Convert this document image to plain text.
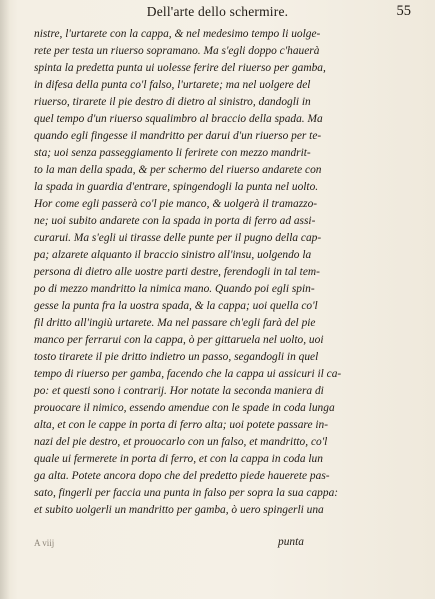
Dell'arte dello schermire.	55
nistre, l'urtarete con la cappa, & nel medesimo tempo li uolge-
rete per testa un riuerso sopramano. Ma s'egli doppo c'hauerà
spinta la predetta punta ui uolesse ferire del riuerso per gamba,
in difesa della punta co'l falso, l'urtarete; ma nel uolgere del
riuerso, tirarete il pie destro di dietro al sinistro, dandogli in
quel tempo d'un riuerso squalimbro al braccio della spada. Ma
quando egli fingesse il mandritto per darui d'un riuerso per te-
sta; uoi senza passeggiamento li ferirete con mezzo mandrit-
to la man della spada, & per schermo del riuerso andarete con
la spada in guardia d'entrare, spingendogli la punta nel uolto.
Hor come egli passerà co'l pie manco, & uolgerà il tramazzo-
ne; uoi subito andarete con la spada in porta di ferro ad assi-
curarui. Ma s'egli ui tirasse delle punte per il pugno della cap-
pa; alzarete alquanto il braccio sinistro all'insu, uolgendo la
persona di dietro alle uostre parti destre, ferendogli in tal tem-
po di mezzo mandritto la nimica mano. Quando poi egli spin-
gesse la punta fra la uostra spada, & la cappa; uoi quella co'l
fil dritto all'ingiù urtarete. Ma nel passare ch'egli farà del pie
manco per ferrarui con la cappa, ò per gittaruela nel uolto, uoi
tosto tirarete il pie dritto indietro un passo, segandogli in quel
tempo di riuerso per gamba, facendo che la cappa ui assicuri il ca-
po: et questi sono i contrarij. Hor notate la seconda maniera di
prouocare il nimico, essendo amendue con le spade in coda lunga
alta, et con le cappe in porta di ferro alta; uoi potete passare in-
nazi del pie destro, et prouocarlo con un falso, et mandritto, co'l
quale ui fermerete in porta di ferro, et con la cappa in coda lun
ga alta. Potete ancora dopo che del predetto piede hauerete pas-
sato, fingerli per faccia una punta in falso per sopra la sua cappa:
et subito uolgerli un mandritto per gamba, ò uero spingerli una
A viij	punta
